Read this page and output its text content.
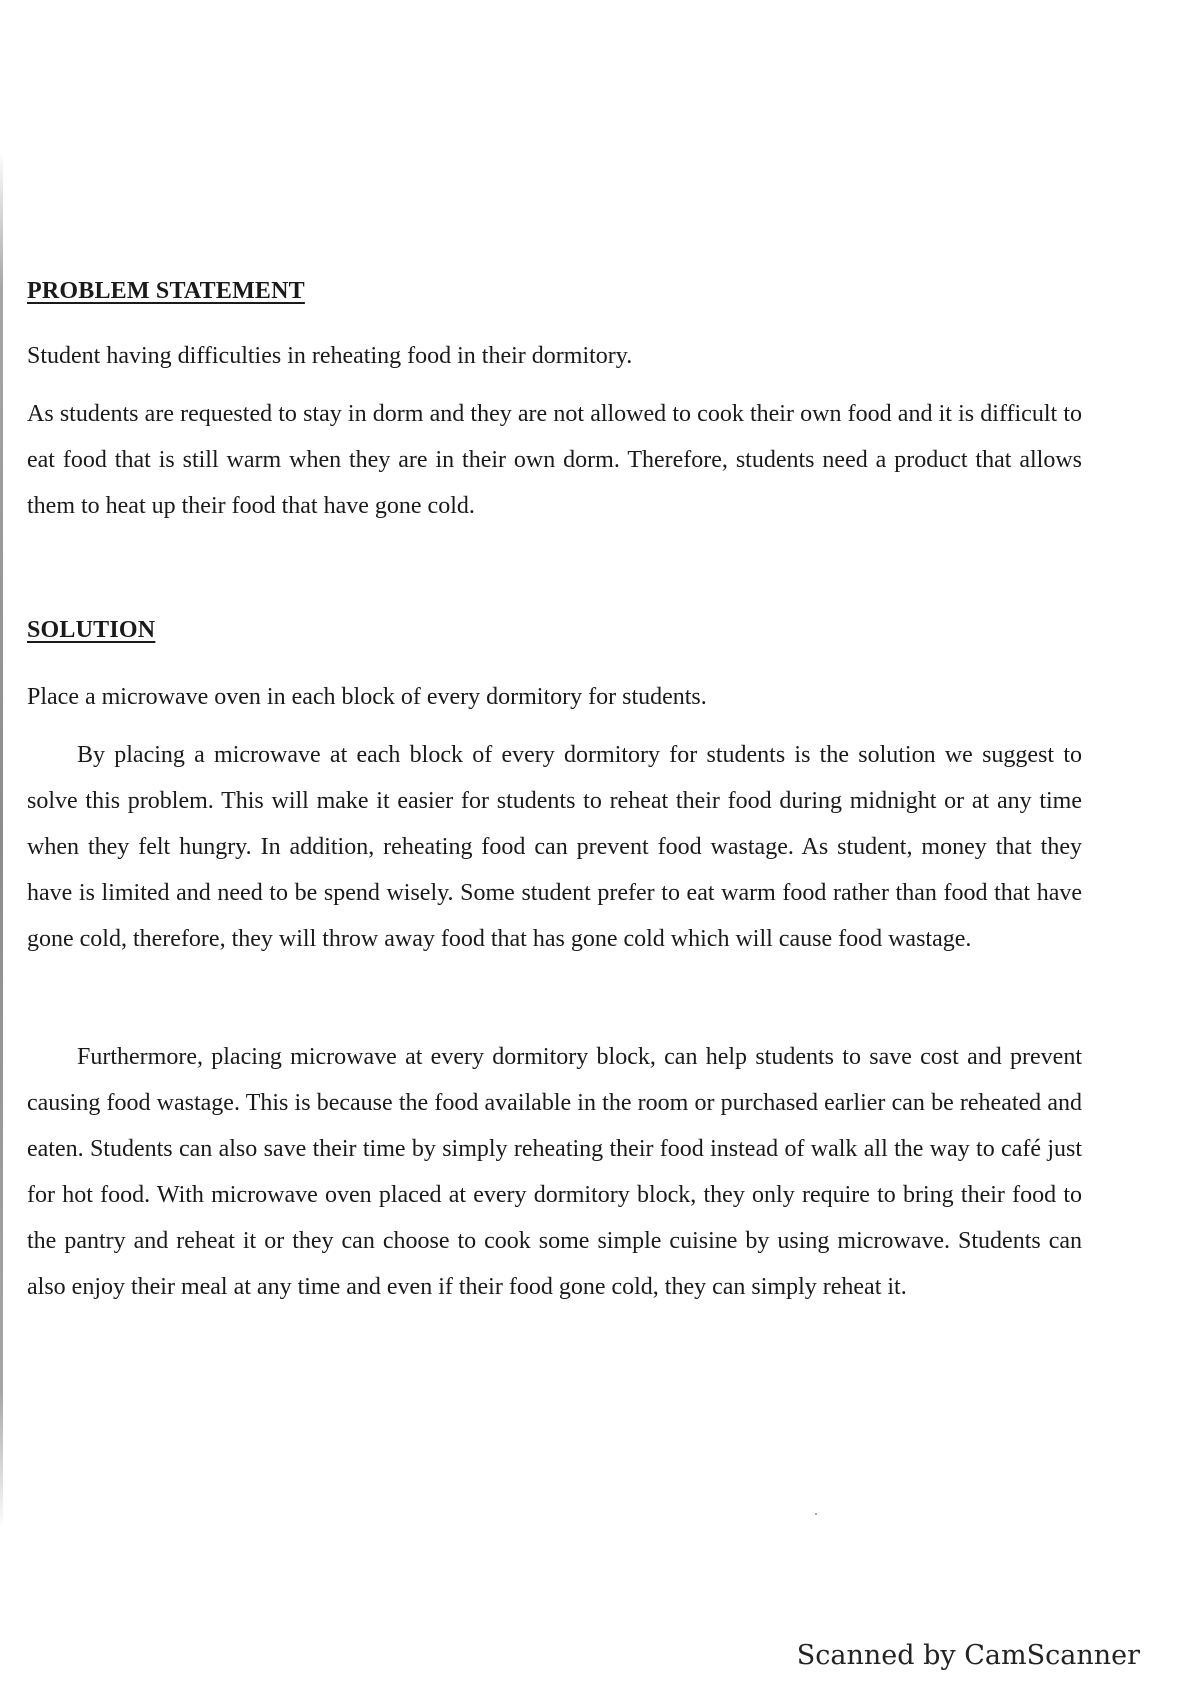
PROBLEM STATEMENT

Student having difficulties in reheating food in their dormitory.

As students are requested to stay in dorm and they are not allowed to cook their own food and it is difficult to eat food that is still warm when they are in their own dorm. Therefore, students need a product that allows them to heat up their food that have gone cold.

SOLUTION

Place a microwave oven in each block of every dormitory for students.

By placing a microwave at each block of every dormitory for students is the solution we suggest to solve this problem. This will make it easier for students to reheat their food during midnight or at any time when they felt hungry. In addition, reheating food can prevent food wastage. As student, money that they have is limited and need to be spend wisely. Some student prefer to eat warm food rather than food that have gone cold, therefore, they will throw away food that has gone cold which will cause food wastage.

Furthermore, placing microwave at every dormitory block, can help students to save cost and prevent causing food wastage. This is because the food available in the room or purchased earlier can be reheated and eaten. Students can also save their time by simply reheating their food instead of walk all the way to café just for hot food. With microwave oven placed at every dormitory block, they only require to bring their food to the pantry and reheat it or they can choose to cook some simple cuisine by using microwave. Students can also enjoy their meal at any time and even if their food gone cold, they can simply reheat it.

Scanned by CamScanner
